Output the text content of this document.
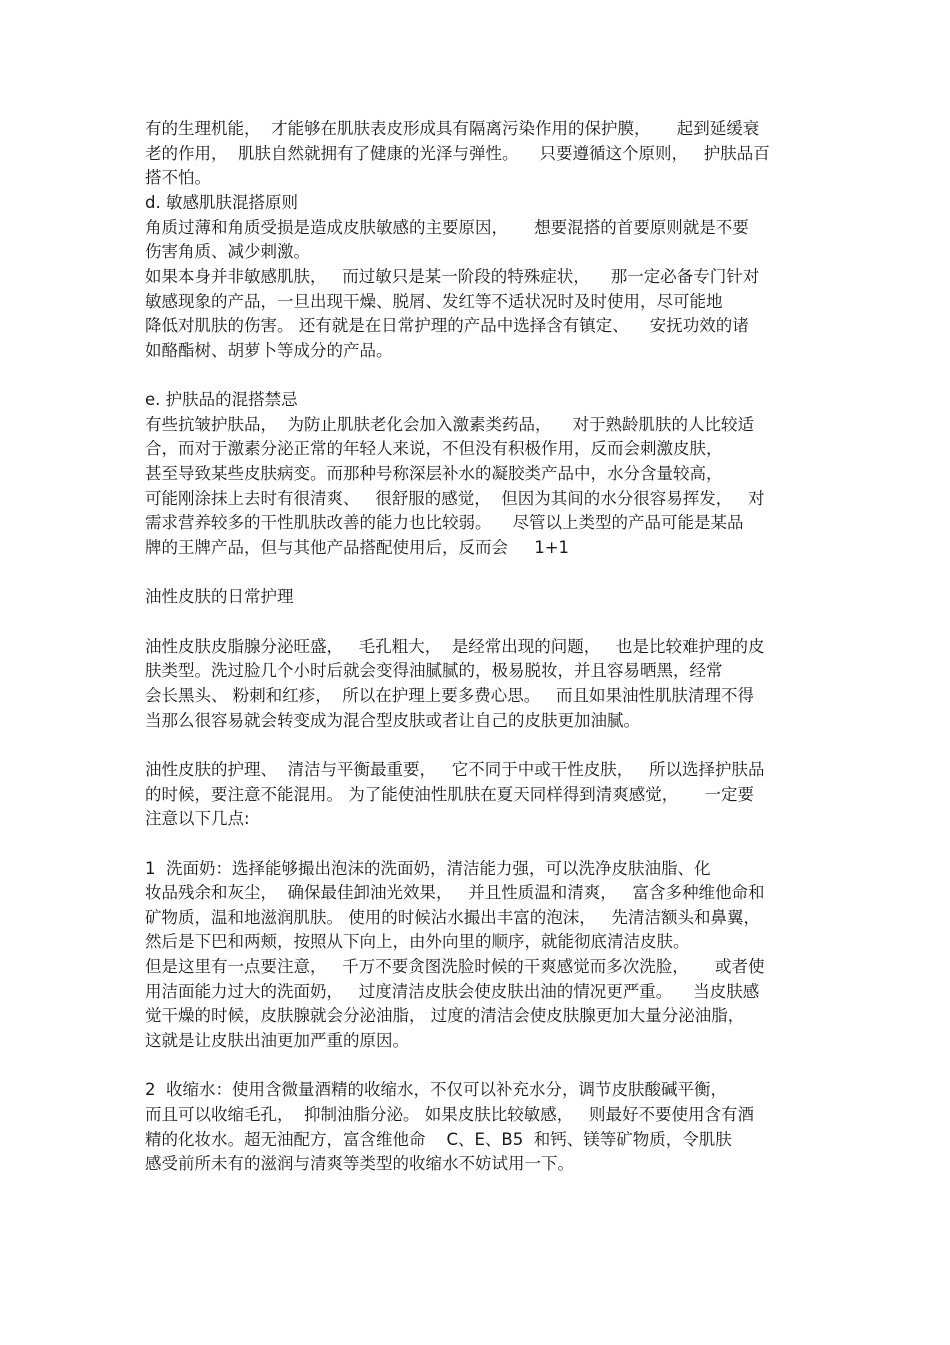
有的生理机能，  才能够在肌肤表皮形成具有隔离污染作用的保护膜，     起到延缓衰
老的作用，  肌肤自然就拥有了健康的光泽与弹性。    只要遵循这个原则，   护肤品百
搭不怕。
d. 敏感肌肤混搭原则
角质过薄和角质受损是造成皮肤敏感的主要原因，     想要混搭的首要原则就是不要
伤害角质、减少刺激。
如果本身并非敏感肌肤，   而过敏只是某一阶段的特殊症状，    那一定必备专门针对
敏感现象的产品，一旦出现干燥、脱屑、发红等不适状况时及时使用，尽可能地
降低对肌肤的伤害。 还有就是在日常护理的产品中选择含有镇定、    安抚功效的诸
如酪酯树、胡萝卜等成分的产品。
e. 护肤品的混搭禁忌
有些抗皱护肤品，  为防止肌肤老化会加入激素类药品，    对于熟龄肌肤的人比较适
合，而对于激素分泌正常的年轻人来说，不但没有积极作用，反而会刺激皮肤，
甚至导致某些皮肤病变。而那种号称深层补水的凝胶类产品中，水分含量较高，
可能刚涂抹上去时有很清爽、   很舒服的感觉，  但因为其间的水分很容易挥发，   对
需求营养较多的干性肌肤改善的能力也比较弱。    尽管以上类型的产品可能是某品
牌的王牌产品，但与其他产品搭配使用后，反而会     1+1
油性皮肤的日常护理
油性皮肤皮脂腺分泌旺盛，   毛孔粗大，  是经常出现的问题，   也是比较难护理的皮
肤类型。洗过脸几个小时后就会变得油腻腻的，极易脱妆，并且容易晒黑，经常
会长黑头、 粉刺和红疹，  所以在护理上要多费心思。   而且如果油性肌肤清理不得
当那么很容易就会转变成为混合型皮肤或者让自己的皮肤更加油腻。
油性皮肤的护理、  清洁与平衡最重要，   它不同于中或干性皮肤，   所以选择护肤品
的时候，要注意不能混用。 为了能使油性肌肤在夏天同样得到清爽感觉，     一定要
注意以下几点:
1  洗面奶：选择能够撮出泡沫的洗面奶，清洁能力强，可以洗净皮肤油脂、化
妆品残余和灰尘，  确保最佳卸油光效果，   并且性质温和清爽，   富含多种维他命和
矿物质，温和地滋润肌肤。 使用的时候沾水撮出丰富的泡沫，   先清洁额头和鼻翼，
然后是下巴和两颊，按照从下向上，由外向里的顺序，就能彻底清洁皮肤。
但是这里有一点要注意，   千万不要贪图洗脸时候的干爽感觉而多次洗脸，     或者使
用洁面能力过大的洗面奶，   过度清洁皮肤会使皮肤出油的情况更严重。    当皮肤感
觉干燥的时候，皮肤腺就会分泌油脂， 过度的清洁会使皮肤腺更加大量分泌油脂，
这就是让皮肤出油更加严重的原因。
2  收缩水：使用含微量酒精的收缩水，不仅可以补充水分，调节皮肤酸碱平衡，
而且可以收缩毛孔，  抑制油脂分泌。 如果皮肤比较敏感，   则最好不要使用含有酒
精的化妆水。超无油配方，富含维他命    C、E、B5  和钙、镁等矿物质，令肌肤
感受前所未有的滋润与清爽等类型的收缩水不妨试用一下。
